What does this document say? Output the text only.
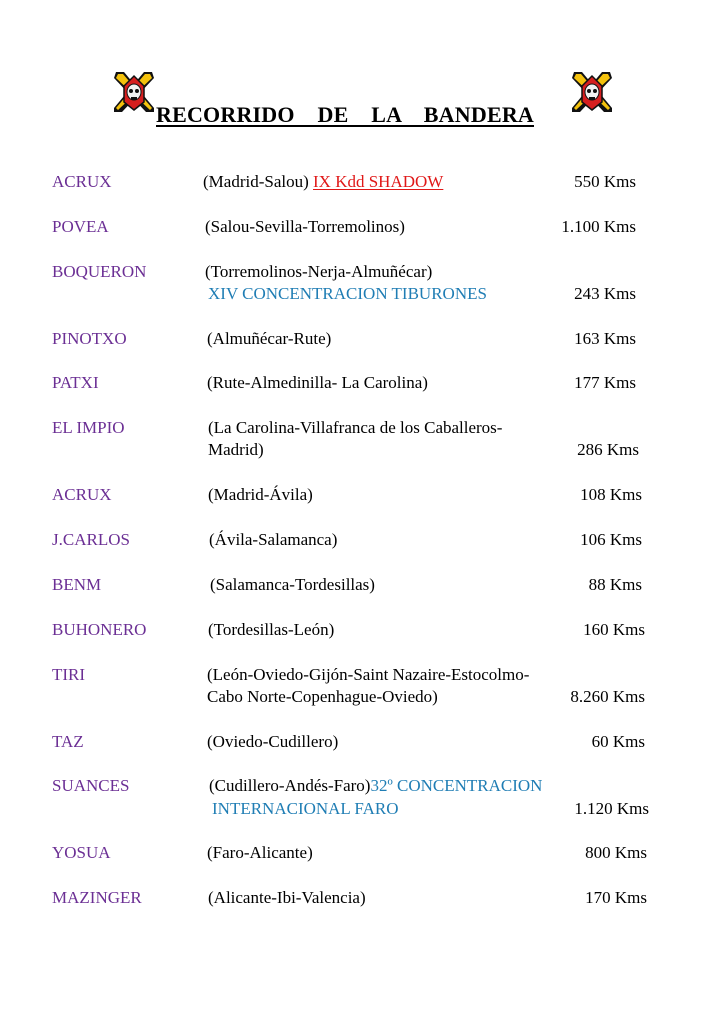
RECORRIDO    DE    LA    BANDERA
ACRUX	(Madrid-Salou) IX Kdd SHADOW	550 Kms
POVEA	(Salou-Sevilla-Torremolinos)	1.100 Kms
BOQUERON	(Torremolinos-Nerja-Almuñécar)
XIV CONCENTRACION TIBURONES	243 Kms
PINOTXO	(Almuñécar-Rute)	163 Kms
PATXI	(Rute-Almedinilla- La Carolina)	177 Kms
EL IMPIO	(La Carolina-Villafranca de los Caballeros-
Madrid)	286 Kms
ACRUX	(Madrid-Ávila)	108 Kms
J.CARLOS	(Ávila-Salamanca)	106 Kms
BENM	(Salamanca-Tordesillas)	88 Kms
BUHONERO	(Tordesillas-León)	160 Kms
TIRI	(León-Oviedo-Gijón-Saint Nazaire-Estocolmo-
Cabo Norte-Copenhague-Oviedo)	8.260 Kms
TAZ	(Oviedo-Cudillero)	60 Kms
SUANCES	(Cudillero-Andés-Faro)32º CONCENTRACION
INTERNACIONAL FARO	1.120 Kms
YOSUA	(Faro-Alicante)	800 Kms
MAZINGER	(Alicante-Ibi-Valencia)	170 Kms
